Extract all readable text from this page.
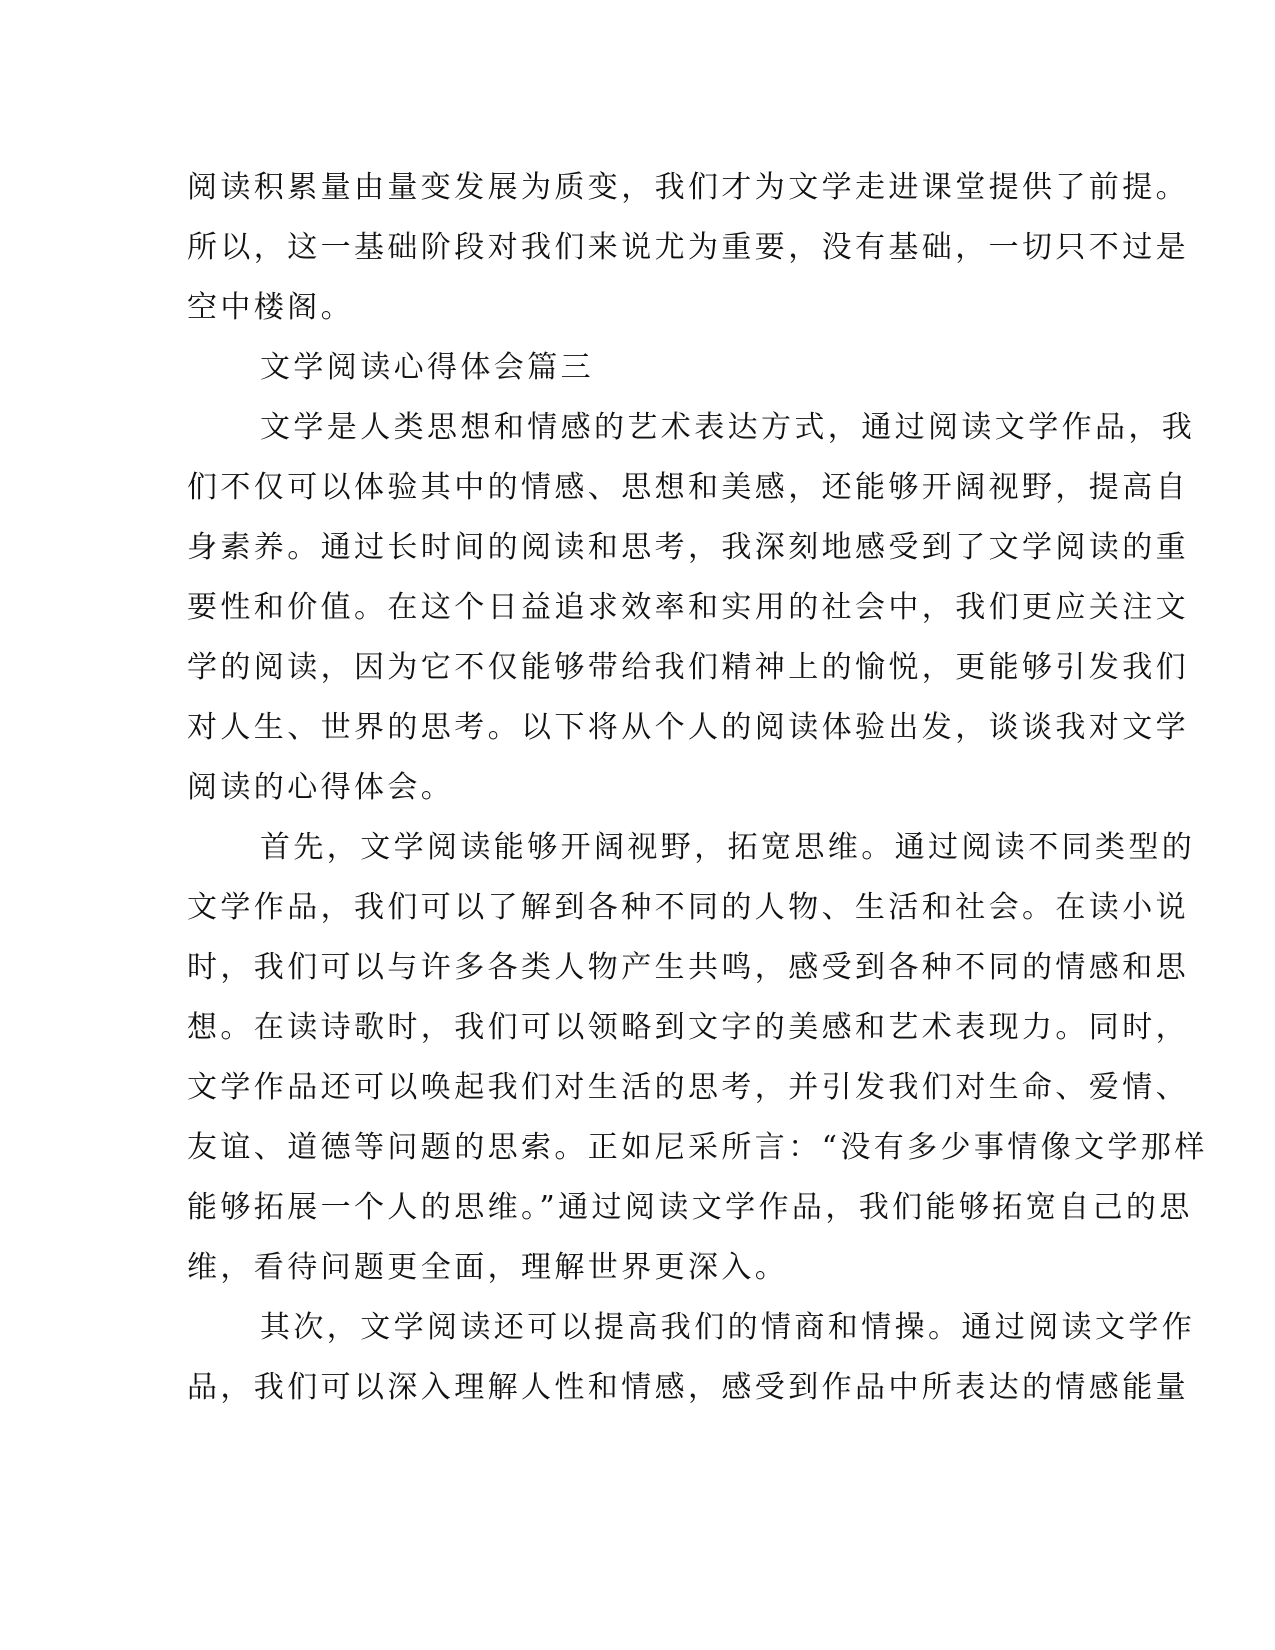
阅读积累量由量变发展为质变，我们才为文学走进课堂提供了前提。
所以，这一基础阶段对我们来说尤为重要，没有基础，一切只不过是
空中楼阁。
文学阅读心得体会篇三
文学是人类思想和情感的艺术表达方式，通过阅读文学作品，我
们不仅可以体验其中的情感、思想和美感，还能够开阔视野，提高自
身素养。通过长时间的阅读和思考，我深刻地感受到了文学阅读的重
要性和价值。在这个日益追求效率和实用的社会中，我们更应关注文
学的阅读，因为它不仅能够带给我们精神上的愉悦，更能够引发我们
对人生、世界的思考。以下将从个人的阅读体验出发，谈谈我对文学
阅读的心得体会。
首先，文学阅读能够开阔视野，拓宽思维。通过阅读不同类型的
文学作品，我们可以了解到各种不同的人物、生活和社会。在读小说
时，我们可以与许多各类人物产生共鸣，感受到各种不同的情感和思
想。在读诗歌时，我们可以领略到文字的美感和艺术表现力。同时，
文学作品还可以唤起我们对生活的思考，并引发我们对生命、爱情、
友谊、道德等问题的思索。正如尼采所言：“没有多少事情像文学那样
能够拓展一个人的思维。”通过阅读文学作品，我们能够拓宽自己的思
维，看待问题更全面，理解世界更深入。
其次，文学阅读还可以提高我们的情商和情操。通过阅读文学作
品，我们可以深入理解人性和情感，感受到作品中所表达的情感能量
